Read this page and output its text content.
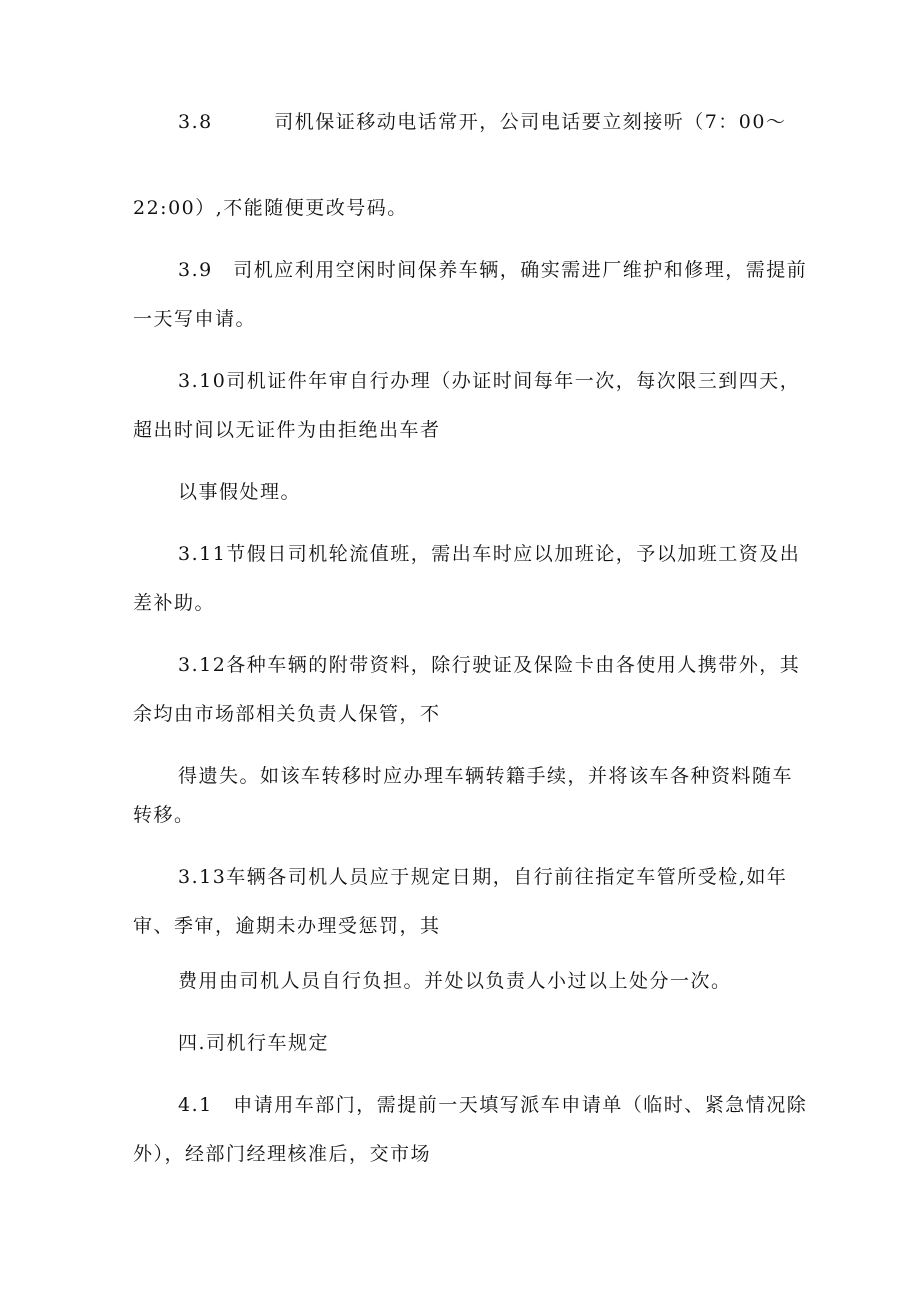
3.8　　　司机保证移动电话常开，公司电话要立刻接听（7：00～
22:00）,不能随便更改号码。
3.9　司机应利用空闲时间保养车辆，确实需进厂维护和修理，需提前
一天写申请。
3.10司机证件年审自行办理（办证时间每年一次，每次限三到四天，
超出时间以无证件为由拒绝出车者
以事假处理。
3.11节假日司机轮流值班，需出车时应以加班论，予以加班工资及出
差补助。
3.12各种车辆的附带资料，除行驶证及保险卡由各使用人携带外，其
余均由市场部相关负责人保管，不
得遗失。如该车转移时应办理车辆转籍手续，并将该车各种资料随车
转移。
3.13车辆各司机人员应于规定日期，自行前往指定车管所受检,如年
审、季审，逾期未办理受惩罚，其
费用由司机人员自行负担。并处以负责人小过以上处分一次。
四.司机行车规定
4.1　申请用车部门，需提前一天填写派车申请单（临时、紧急情况除
外），经部门经理核准后，交市场
